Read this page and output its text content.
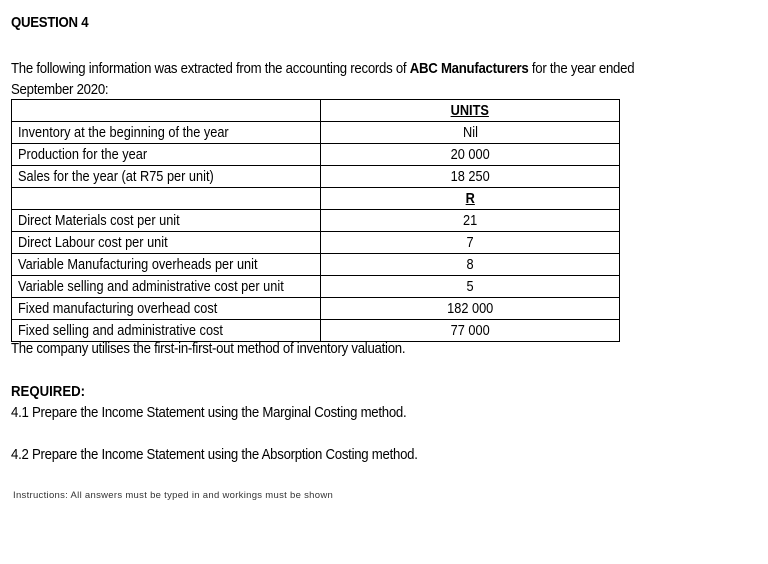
QUESTION 4
The following information was extracted from the accounting records of ABC Manufacturers for the year ended September 2020:
	UNITS
Inventory at the beginning of the year	Nil
Production for the year	20 000
Sales for the year (at R75 per unit)	18 250
	R
Direct Materials cost per unit	21
Direct Labour cost per unit	7
Variable Manufacturing overheads per unit	8
Variable selling and administrative cost per unit	5
Fixed manufacturing overhead cost	182 000
Fixed selling and administrative cost	77 000
The company utilises the first-in-first-out method of inventory valuation.
REQUIRED:
4.1 Prepare the Income Statement using the Marginal Costing method.
4.2 Prepare the Income Statement using the Absorption Costing method.
Instructions: All answers must be typed in and workings must be shown
